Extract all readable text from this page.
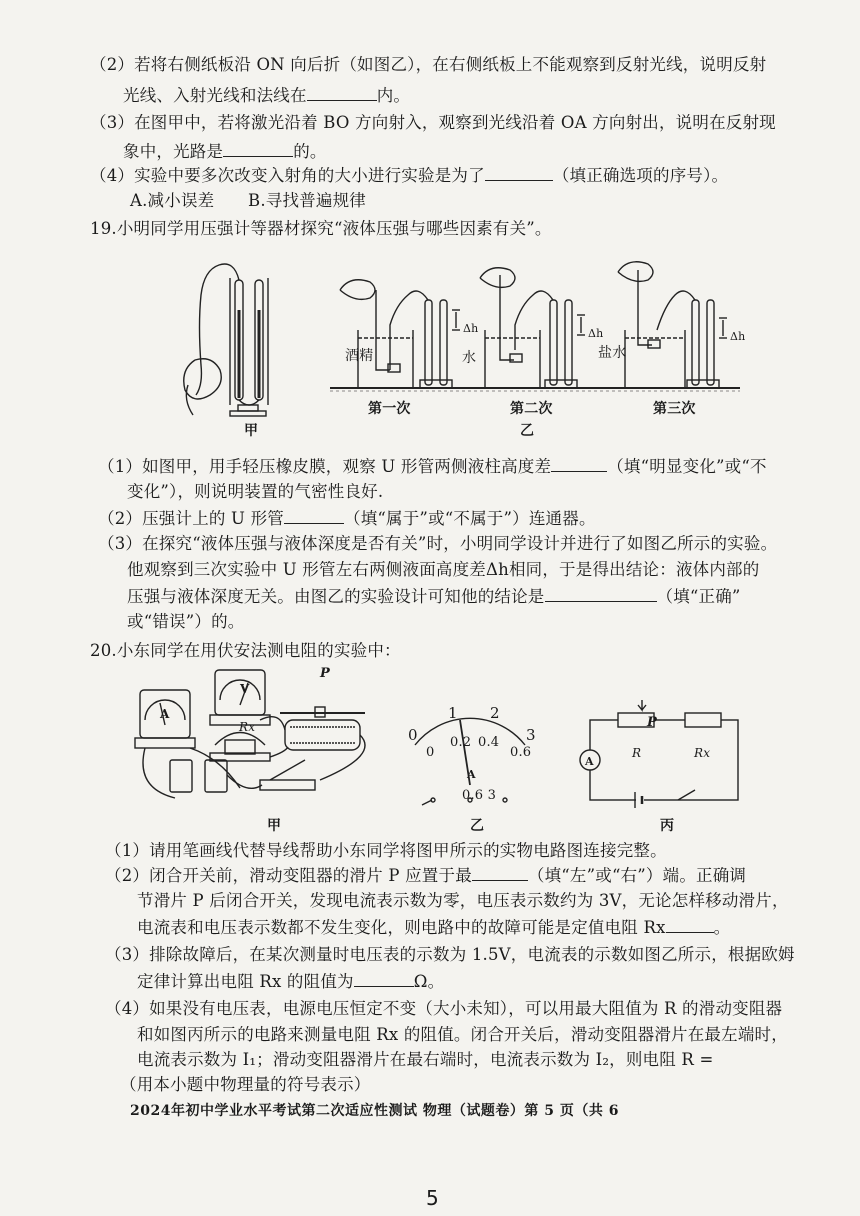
（2）若将右侧纸板沿 ON 向后折（如图乙），在右侧纸板上不能观察到反射光线，说明反射
光线、入射光线和法线在	内。
（3）在图甲中，若将激光沿着 BO 方向射入，观察到光线沿着 OA 方向射出，说明在反射现
象中，光路是	的。
（4）实验中要多次改变入射角的大小进行实验是为了	（填正确选项的序号）。
A.减小误差 B.寻找普遍规律
19.小明同学用压强计等器材探究“液体压强与哪些因素有关”。
酒精	水	盐水
Δh	Δh	Δh
第一次	第二次	第三次
甲	乙
（1）如图甲，用手轻压橡皮膜，观察 U 形管两侧液柱高度差	（填“明显变化”或“不
变化”），则说明装置的气密性良好.
（2）压强计上的 U 形管	（填“属于”或“不属于”）连通器。
（3）在探究“液体压强与液体深度是否有关”时，小明同学设计并进行了如图乙所示的实验。
他观察到三次实验中 U 形管左右两侧液面高度差Δh相同，于是得出结论：液体内部的
压强与液体深度无关。由图乙的实验设计可知他的结论是	（填“正确”
或“错误”）的。
20.小东同学在用伏安法测电阻的实验中：
P
Rx
V
A
0
1 2
3
0
0.2 0.4
0.6
A
0.6 3
P
R	Rx
A
甲	乙	丙
（1）请用笔画线代替导线帮助小东同学将图甲所示的实物电路图连接完整。
（2）闭合开关前，滑动变阻器的滑片 P 应置于最	（填“左”或“右”）端。正确调
节滑片 P 后闭合开关，发现电流表示数为零，电压表示数约为 3V，无论怎样移动滑片，
电流表和电压表示数都不发生变化，则电路中的故障可能是定值电阻 Rx	。
（3）排除故障后，在某次测量时电压表的示数为 1.5V，电流表的示数如图乙所示，根据欧姆
定律计算出电阻 Rx 的阻值为	Ω。
（4）如果没有电压表，电源电压恒定不变（大小未知），可以用最大阻值为 R 的滑动变阻器
和如图丙所示的电路来测量电阻 Rx 的阻值。闭合开关后，滑动变阻器滑片在最左端时，
电流表示数为 I₁；滑动变阻器滑片在最右端时，电流表示数为 I₂，则电阻 R =
（用本小题中物理量的符号表示）
2024年初中学业水平考试第二次适应性测试 物理（试题卷）第 5 页（共 6
5
